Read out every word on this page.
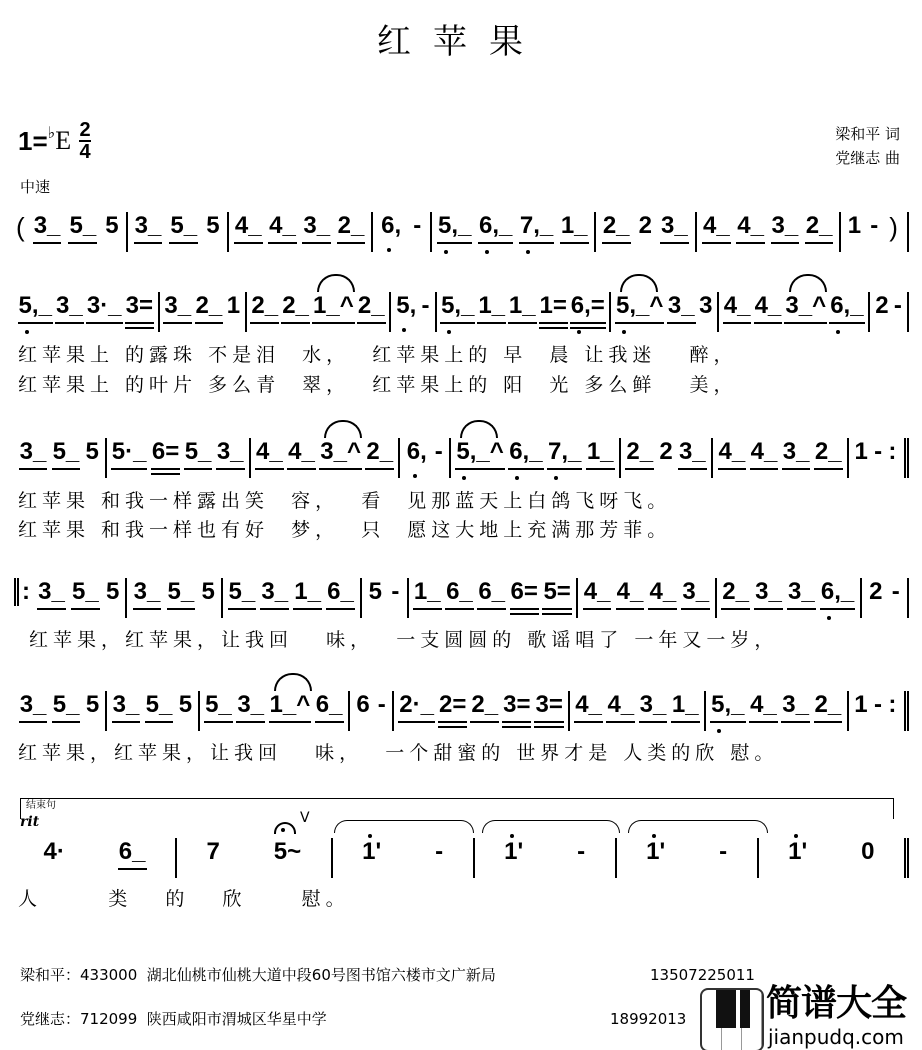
红苹果
1= ♭ E $\frac{2}{4}$	梁和平 词
党继志 曲
中速
( 3_ 5_ 5 3_ 5_ 5 4_ 4_ 3_ 2_ 6, - 5,_ 6,_ 7,_ 1_ 2_ 2 3_ 4_ 4_ 3_ 2_ 1 - )
5,_ 3_ 3·_ 3= 3_ 2_ 1 2_ 2_ 1_^ 2_ 5, - 5,_ 1_ 1_ 1= 6,= 5,_^ 3_ 3 4_ 4_ 3_^ 6,_ 2 -
红苹果上 的露珠 不是泪  水，  红苹果上的 早  晨 让我迷   醉，
红苹果上 的叶片 多么青  翠，  红苹果上的 阳  光 多么鲜   美，
3_ 5_ 5 5·_ 6= 5_ 3_ 4_ 4_ 3_^ 2_ 6, - 5,_^ 6,_ 7,_ 1_ 2_ 2 3_ 4_ 4_ 3_ 2_ 1 - :
红苹果 和我一样露出笑  容，  看  见那蓝天上白鸽飞呀飞。
红苹果 和我一样也有好  梦，  只  愿这大地上充满那芳菲。
: 3_ 5_ 5 3_ 5_ 5 5_ 3_ 1_ 6_ 5 - 1_ 6_ 6_ 6= 5= 4_ 4_ 4_ 3_ 2_ 3_ 3_ 6,_ 2 -
红苹果，红苹果，让我回   味，  一支圆圆的 歌谣唱了 一年又一岁，
3_ 5_ 5 3_ 5_ 5 5_ 3_ 1_^ 6_ 6 - 2·_ 2= 2_ 3= 3= 4_ 4_ 3_ 1_ 5,_ 4_ 3_ 2_ 1 - :
红苹果，红苹果，让我回   味，  一个甜蜜的 世界才是 人类的欣 慰。
结束句
rit	V
4· 6_	7 5~	1' -	1' -	1' -	1' 0
人      类   的   欣     慰。
梁和平：433000  湖北仙桃市仙桃大道中段60号图书馆六楼市文广新局	13507225011
党继志：712099  陕西咸阳市渭城区华星中学	18992013 简谱大全
jianpudq.com
